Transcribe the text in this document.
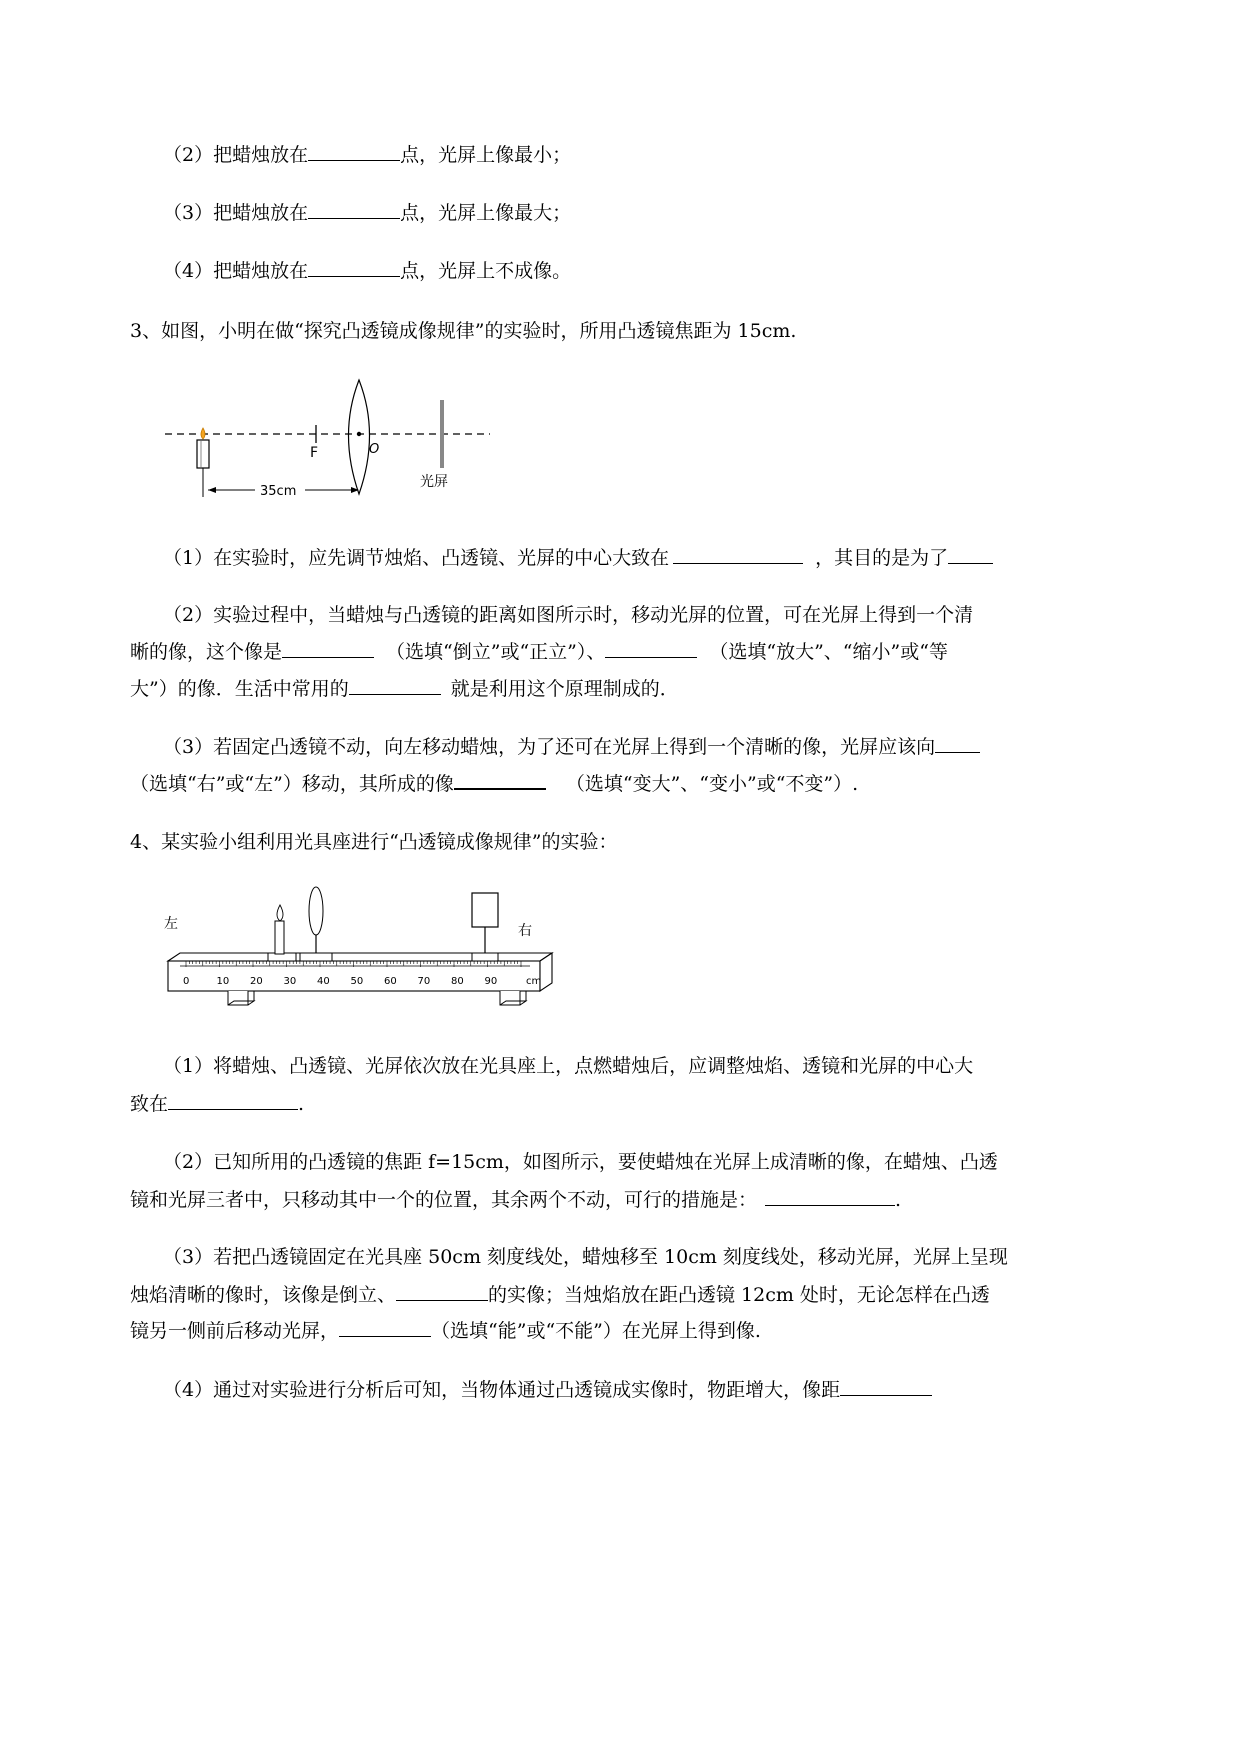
（2）把蜡烛放在	点，光屏上像最小；
（3）把蜡烛放在	点，光屏上像最大；
（4）把蜡烛放在	点，光屏上不成像。
3、如图，小明在做“探究凸透镜成像规律”的实验时，所用凸透镜焦距为 15cm.
F	O
光屏
35cm
（1）在实验时，应先调节烛焰、凸透镜、光屏的中心大致在	，其目的是为了
（2）实验过程中，当蜡烛与凸透镜的距离如图所示时，移动光屏的位置，可在光屏上得到一个清
晰的像，这个像是	（选填“倒立”或“正立”）、	（选填“放大”、“缩小”或“等
大”）的像．生活中常用的	就是利用这个原理制成的．
（3）若固定凸透镜不动，向左移动蜡烛，为了还可在光屏上得到一个清晰的像，光屏应该向
（选填“右”或“左”）移动，其所成的像	（选填“变大”、“变小”或“不变”）.
4、某实验小组利用光具座进行“凸透镜成像规律”的实验：
左	右
0	10 20 30 40 50 60 70 80 90	cm
（1）将蜡烛、凸透镜、光屏依次放在光具座上，点燃蜡烛后，应调整烛焰、透镜和光屏的中心大
致在	.
（2）已知所用的凸透镜的焦距 f=15cm，如图所示，要使蜡烛在光屏上成清晰的像，在蜡烛、凸透
镜和光屏三者中，只移动其中一个的位置，其余两个不动，可行的措施是：	.
（3）若把凸透镜固定在光具座 50cm 刻度线处，蜡烛移至 10cm 刻度线处，移动光屏，光屏上呈现
烛焰清晰的像时，该像是倒立、	的实像；当烛焰放在距凸透镜 12cm 处时，无论怎样在凸透
镜另一侧前后移动光屏，	（选填“能”或“不能”）在光屏上得到像.
（4）通过对实验进行分析后可知，当物体通过凸透镜成实像时，物距增大，像距
